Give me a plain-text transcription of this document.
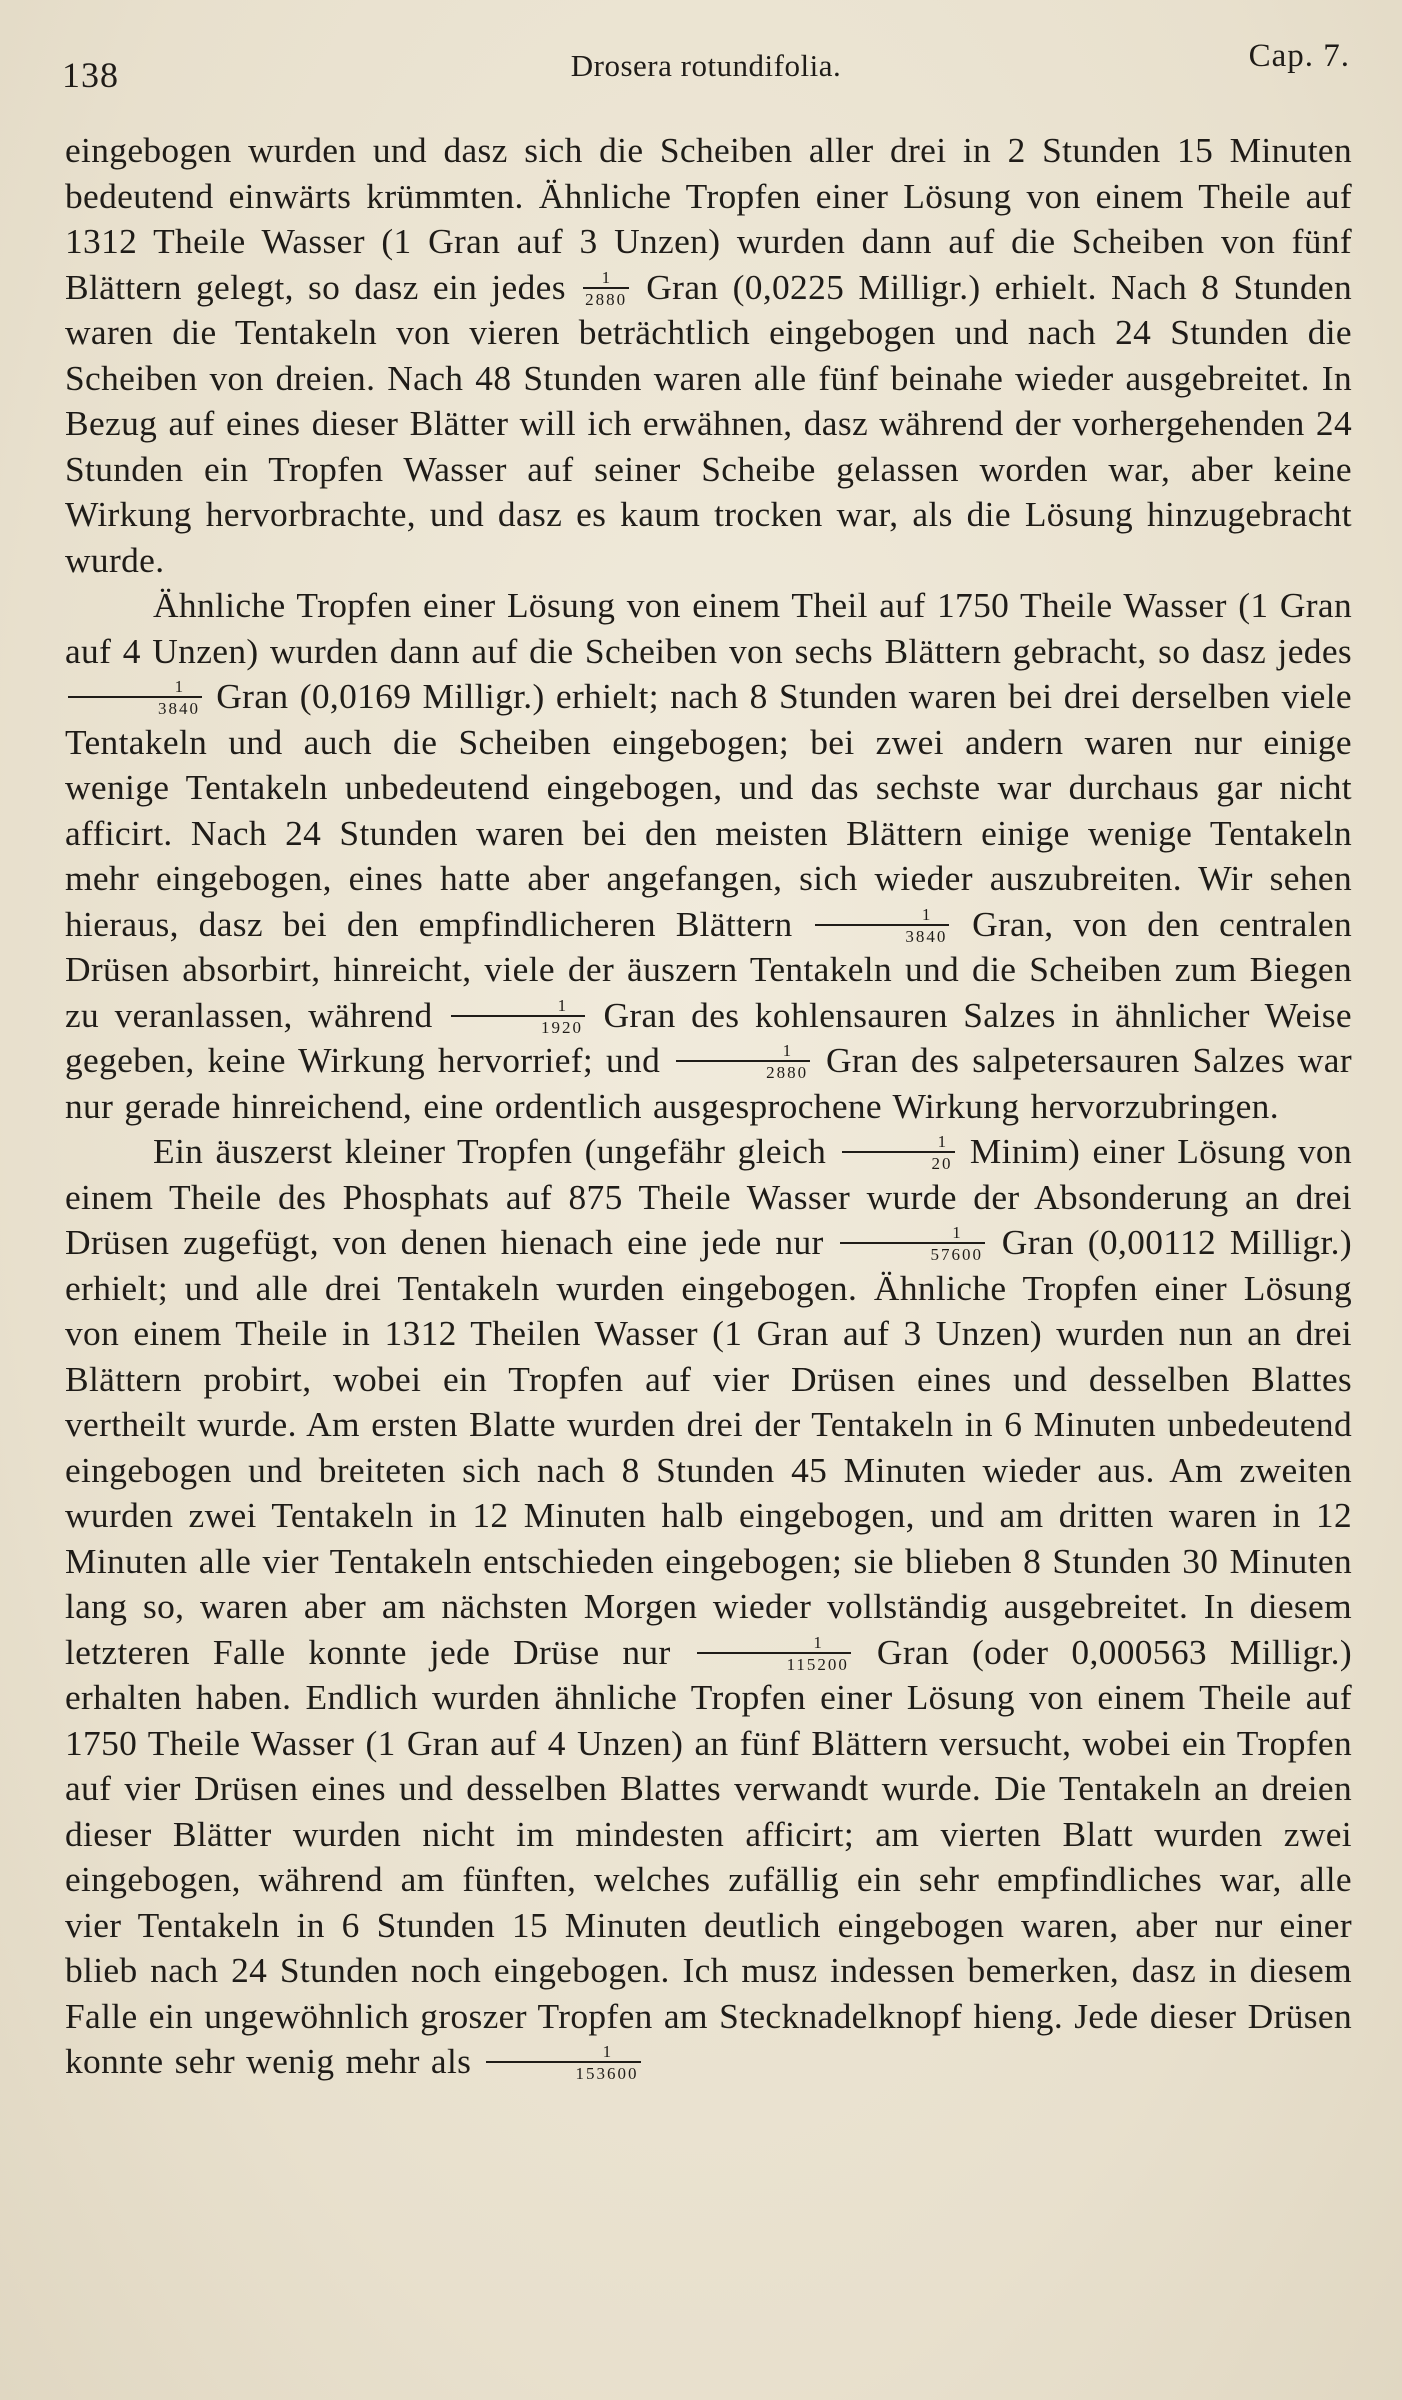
138	Drosera rotundifolia.	Cap. 7.

eingebogen wurden und dasz sich die Scheiben aller drei in 2 Stunden 15 Minuten bedeutend einwärts krümmten. Ähnliche Tropfen einer Lösung von einem Theile auf 1312 Theile Wasser (1 Gran auf 3 Unzen) wurden dann auf die Scheiben von fünf Blättern gelegt, so dasz ein jedes $\frac{1}{2880}$ Gran (0,0225 Milligr.) erhielt. Nach 8 Stunden waren die Tentakeln von vieren beträchtlich eingebogen und nach 24 Stunden die Scheiben von dreien. Nach 48 Stunden waren alle fünf beinahe wieder ausgebreitet. In Bezug auf eines dieser Blätter will ich erwähnen, dasz während der vorhergehenden 24 Stunden ein Tropfen Wasser auf seiner Scheibe gelassen worden war, aber keine Wirkung hervorbrachte, und dasz es kaum trocken war, als die Lösung hinzugebracht wurde.

Ähnliche Tropfen einer Lösung von einem Theil auf 1750 Theile Wasser (1 Gran auf 4 Unzen) wurden dann auf die Scheiben von sechs Blättern gebracht, so dasz jedes
$\frac{1}{3840}$ Gran (0,0169 Milligr.) erhielt; nach 8 Stunden waren bei drei derselben viele Tentakeln und auch die Scheiben eingebogen; bei zwei andern waren nur einige wenige Tentakeln unbedeutend eingebogen, und das sechste war durchaus gar nicht afficirt. Nach 24 Stunden waren bei den meisten Blättern einige wenige Tentakeln mehr eingebogen, eines hatte aber angefangen, sich wieder auszubreiten. Wir sehen hieraus, dasz bei den empfindlicheren Blättern $\frac{1}{3840}$ Gran, von den centralen Drüsen absorbirt, hinreicht, viele der äuszern Tentakeln und die Scheiben zum Biegen zu veranlassen, während $\frac{1}{1920}$ Gran des kohlensauren Salzes in ähnlicher Weise gegeben, keine Wirkung hervorrief; und $\frac{1}{2880}$ Gran des salpetersauren Salzes war nur gerade hinreichend, eine ordentlich ausgesprochene Wirkung hervorzubringen.

Ein äuszerst kleiner Tropfen (ungefähr gleich $\frac{1}{20}$ Minim) einer Lösung von einem Theile des Phosphats auf 875 Theile Wasser wurde der Absonderung an drei Drüsen zugefügt, von denen hienach eine jede nur $\frac{1}{57600}$ Gran (0,00112 Milligr.) erhielt; und alle drei Tentakeln wurden eingebogen. Ähnliche Tropfen einer Lösung von einem Theile in 1312 Theilen Wasser (1 Gran auf 3 Unzen) wurden nun an drei Blättern probirt, wobei ein Tropfen auf vier Drüsen eines und desselben Blattes vertheilt wurde. Am ersten Blatte wurden drei der Tentakeln in 6 Minuten unbedeutend eingebogen und breiteten sich nach 8 Stunden 45 Minuten wieder aus. Am zweiten wurden zwei Tentakeln in 12 Minuten halb eingebogen, und am dritten waren in 12 Minuten alle vier Tentakeln entschieden eingebogen; sie blieben 8 Stunden 30 Minuten lang so, waren aber am nächsten Morgen wieder vollständig ausgebreitet. In diesem letzteren Falle konnte jede Drüse nur $\frac{1}{115200}$ Gran (oder 0,000563 Milligr.) erhalten haben. Endlich wurden ähnliche Tropfen einer Lösung von einem Theile auf 1750 Theile Wasser (1 Gran auf 4 Unzen) an fünf Blättern versucht, wobei ein Tropfen auf vier Drüsen eines und desselben Blattes verwandt wurde. Die Tentakeln an dreien dieser Blätter wurden nicht im mindesten afficirt; am vierten Blatt wurden zwei eingebogen, während am fünften, welches zufällig ein sehr empfindliches war, alle vier Tentakeln in 6 Stunden 15 Minuten deutlich eingebogen waren, aber nur einer blieb nach 24 Stunden noch eingebogen. Ich musz indessen bemerken, dasz in diesem Falle ein ungewöhnlich groszer Tropfen am Stecknadelknopf hieng. Jede dieser Drüsen konnte sehr wenig mehr als $\frac{1}{153600}$
